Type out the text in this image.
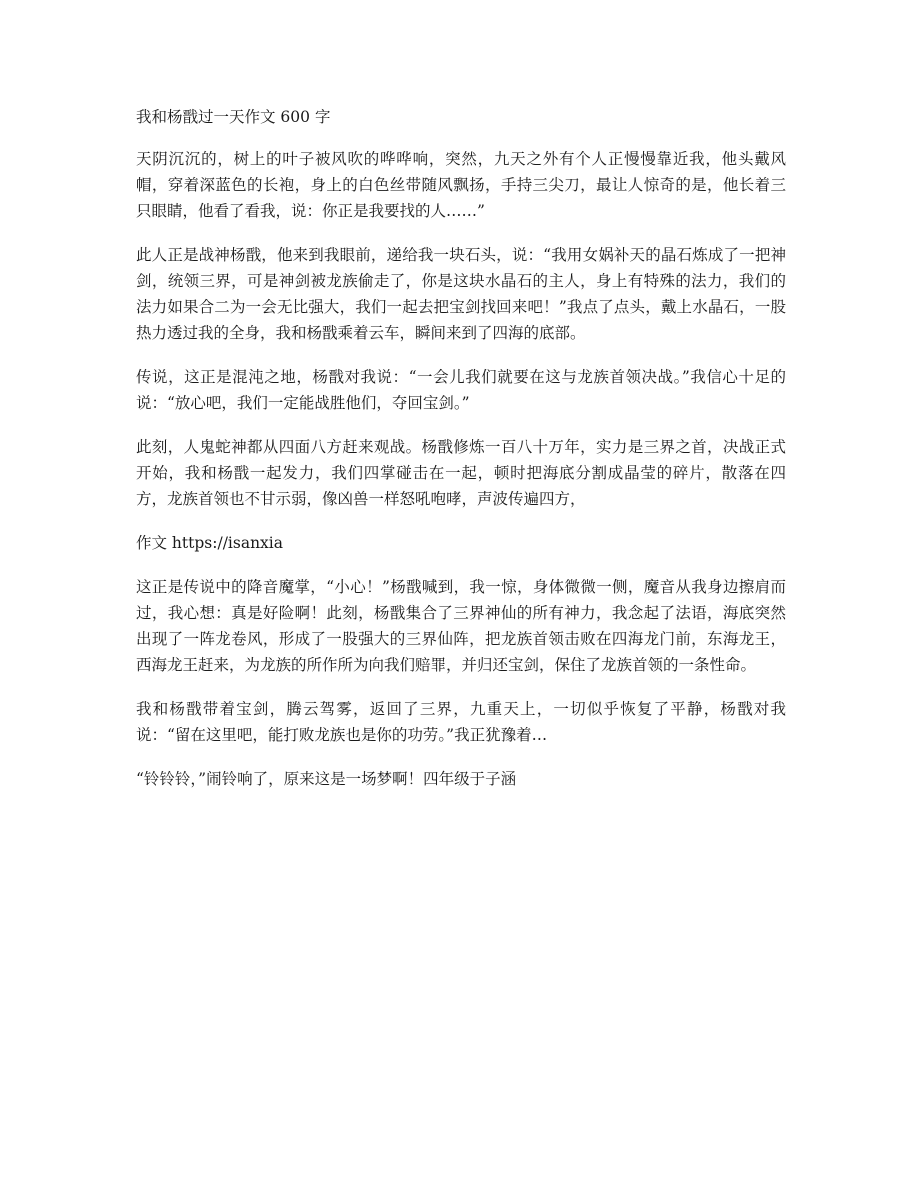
我和杨戬过一天作文 600 字

天阴沉沉的，树上的叶子被风吹的哗哗响，突然，九天之外有个人正慢慢靠近我，他头戴风帽，穿着深蓝色的长袍，身上的白色丝带随风飘扬，手持三尖刀，最让人惊奇的是，他长着三只眼睛，他看了看我，说：你正是我要找的人……”

此人正是战神杨戬，他来到我眼前，递给我一块石头，说：“我用女娲补天的晶石炼成了一把神剑，统领三界，可是神剑被龙族偷走了，你是这块水晶石的主人，身上有特殊的法力，我们的法力如果合二为一会无比强大，我们一起去把宝剑找回来吧！”我点了点头，戴上水晶石，一股热力透过我的全身，我和杨戬乘着云车，瞬间来到了四海的底部。

传说，这正是混沌之地，杨戬对我说：“一会儿我们就要在这与龙族首领决战。”我信心十足的说：“放心吧，我们一定能战胜他们，夺回宝剑。”

此刻，人鬼蛇神都从四面八方赶来观战。杨戬修炼一百八十万年，实力是三界之首，决战正式开始，我和杨戬一起发力，我们四掌碰击在一起，顿时把海底分割成晶莹的碎片，散落在四方，龙族首领也不甘示弱，像凶兽一样怒吼咆哮，声波传遍四方，

作文 https://isanxia

这正是传说中的降音魔掌，“小心！”杨戬喊到，我一惊，身体微微一侧，魔音从我身边擦肩而过，我心想：真是好险啊！此刻，杨戬集合了三界神仙的所有神力，我念起了法语，海底突然出现了一阵龙卷风，形成了一股强大的三界仙阵，把龙族首领击败在四海龙门前，东海龙王，西海龙王赶来，为龙族的所作所为向我们赔罪，并归还宝剑，保住了龙族首领的一条性命。

我和杨戬带着宝剑，腾云驾雾，返回了三界，九重天上，一切似乎恢复了平静，杨戬对我说：“留在这里吧，能打败龙族也是你的功劳。”我正犹豫着…

“铃铃铃，”闹铃响了，原来这是一场梦啊！四年级于子涵
